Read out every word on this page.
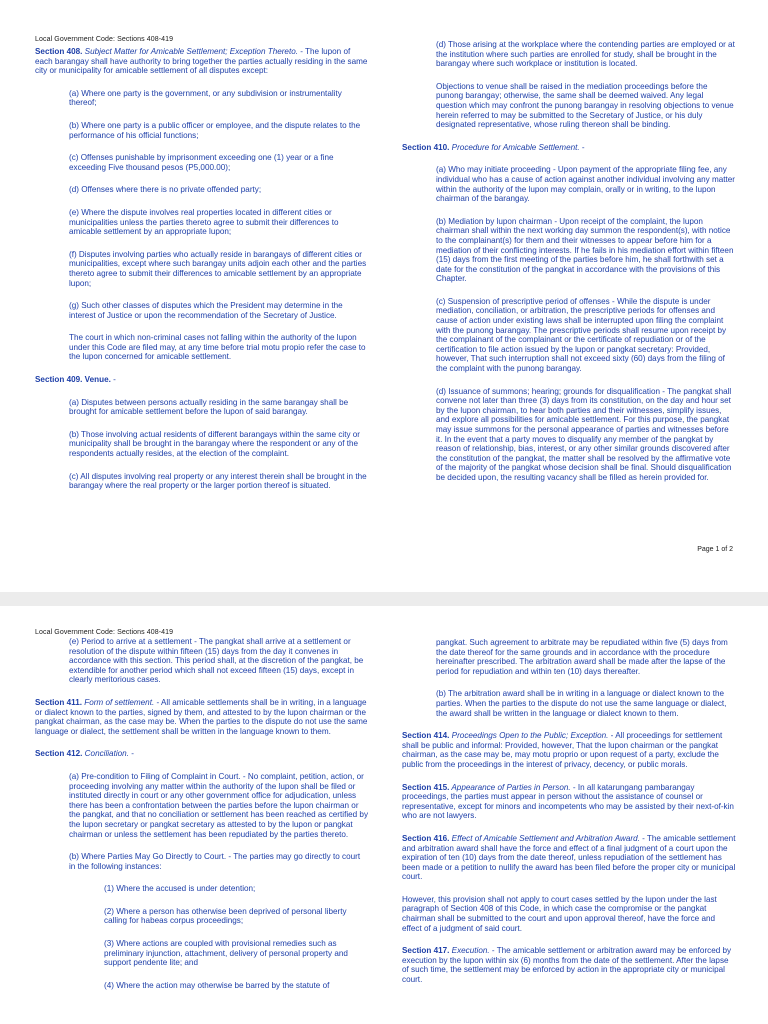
Local Government Code: Sections 408-419

Section 408. Subject Matter for Amicable Settlement; Exception Thereto. - The lupon of each barangay shall have authority to bring together the parties actually residing in the same city or municipality for amicable settlement of all disputes except:

(a) Where one party is the government, or any subdivision or instrumentality thereof;

(b) Where one party is a public officer or employee, and the dispute relates to the performance of his official functions;

(c) Offenses punishable by imprisonment exceeding one (1) year or a fine exceeding Five thousand pesos (P5,000.00);

(d) Offenses where there is no private offended party;

(e) Where the dispute involves real properties located in different cities or municipalities unless the parties thereto agree to submit their differences to amicable settlement by an appropriate lupon;

(f) Disputes involving parties who actually reside in barangays of different cities or municipalities, except where such barangay units adjoin each other and the parties thereto agree to submit their differences to amicable settlement by an appropriate lupon;

(g) Such other classes of disputes which the President may determine in the interest of Justice or upon the recommendation of the Secretary of Justice.

The court in which non-criminal cases not falling within the authority of the lupon under this Code are filed may, at any time before trial motu propio refer the case to the lupon concerned for amicable settlement.

Section 409. Venue. -

(a) Disputes between persons actually residing in the same barangay shall be brought for amicable settlement before the lupon of said barangay.

(b) Those involving actual residents of different barangays within the same city or municipality shall be brought in the barangay where the respondent or any of the respondents actually resides, at the election of the complaint.

(c) All disputes involving real property or any interest therein shall be brought in the barangay where the real property or the larger portion thereof is situated.

(d) Those arising at the workplace where the contending parties are employed or at the institution where such parties are enrolled for study, shall be brought in the barangay where such workplace or institution is located.

Objections to venue shall be raised in the mediation proceedings before the punong barangay; otherwise, the same shall be deemed waived. Any legal question which may confront the punong barangay in resolving objections to venue herein referred to may be submitted to the Secretary of Justice, or his duly designated representative, whose ruling thereon shall be binding.

Section 410. Procedure for Amicable Settlement. -

(a) Who may initiate proceeding - Upon payment of the appropriate filing fee, any individual who has a cause of action against another individual involving any matter within the authority of the lupon may complain, orally or in writing, to the lupon chairman of the barangay.

(b) Mediation by lupon chairman - Upon receipt of the complaint, the lupon chairman shall within the next working day summon the respondent(s), with notice to the complainant(s) for them and their witnesses to appear before him for a mediation of their conflicting interests. If he fails in his mediation effort within fifteen (15) days from the first meeting of the parties before him, he shall forthwith set a date for the constitution of the pangkat in accordance with the provisions of this Chapter.

(c) Suspension of prescriptive period of offenses - While the dispute is under mediation, conciliation, or arbitration, the prescriptive periods for offenses and cause of action under existing laws shall be interrupted upon filing the complaint with the punong barangay. The prescriptive periods shall resume upon receipt by the complainant of the complainant or the certificate of repudiation or of the certification to file action issued by the lupon or pangkat secretary: Provided, however, That such interruption shall not exceed sixty (60) days from the filing of the complaint with the punong barangay.

(d) Issuance of summons; hearing; grounds for disqualification - The pangkat shall convene not later than three (3) days from its constitution, on the day and hour set by the lupon chairman, to hear both parties and their witnesses, simplify issues, and explore all possibilities for amicable settlement. For this purpose, the pangkat may issue summons for the personal appearance of parties and witnesses before it. In the event that a party moves to disqualify any member of the pangkat by reason of relationship, bias, interest, or any other similar grounds discovered after the constitution of the pangkat, the matter shall be resolved by the affirmative vote of the majority of the pangkat whose decision shall be final. Should disqualification be decided upon, the resulting vacancy shall be filled as herein provided for.

Page 1 of 2
Local Government Code: Sections 408-419

(e) Period to arrive at a settlement - The pangkat shall arrive at a settlement or resolution of the dispute within fifteen (15) days from the day it convenes in accordance with this section. This period shall, at the discretion of the pangkat, be extendible for another period which shall not exceed fifteen (15) days, except in clearly meritorious cases.

Section 411. Form of settlement. - All amicable settlements shall be in writing, in a language or dialect known to the parties, signed by them, and attested to by the lupon chairman or the pangkat chairman, as the case may be. When the parties to the dispute do not use the same language or dialect, the settlement shall be written in the language known to them.

Section 412. Conciliation. -

(a) Pre-condition to Filing of Complaint in Court. - No complaint, petition, action, or proceeding involving any matter within the authority of the lupon shall be filed or instituted directly in court or any other government office for adjudication, unless there has been a confrontation between the parties before the lupon chairman or the pangkat, and that no conciliation or settlement has been reached as certified by the lupon secretary or pangkat secretary as attested to by the lupon or pangkat chairman or unless the settlement has been repudiated by the parties thereto.

(b) Where Parties May Go Directly to Court. - The parties may go directly to court in the following instances:

(1) Where the accused is under detention;

(2) Where a person has otherwise been deprived of personal liberty calling for habeas corpus proceedings;

(3) Where actions are coupled with provisional remedies such as preliminary injunction, attachment, delivery of personal property and support pendente lite; and

(4) Where the action may otherwise be barred by the statute of

pangkat. Such agreement to arbitrate may be repudiated within five (5) days from the date thereof for the same grounds and in accordance with the procedure hereinafter prescribed. The arbitration award shall be made after the lapse of the period for repudiation and within ten (10) days thereafter.

(b) The arbitration award shall be in writing in a language or dialect known to the parties. When the parties to the dispute do not use the same language or dialect, the award shall be written in the language or dialect known to them.

Section 414. Proceedings Open to the Public; Exception. - All proceedings for settlement shall be public and informal: Provided, however, That the lupon chairman or the pangkat chairman, as the case may be, may motu proprio or upon request of a party, exclude the public from the proceedings in the interest of privacy, decency, or public morals.

Section 415. Appearance of Parties in Person. - In all katarungang pambarangay proceedings, the parties must appear in person without the assistance of counsel or representative, except for minors and incompetents who may be assisted by their next-of-kin who are not lawyers.

Section 416. Effect of Amicable Settlement and Arbitration Award. - The amicable settlement and arbitration award shall have the force and effect of a final judgment of a court upon the expiration of ten (10) days from the date thereof, unless repudiation of the settlement has been made or a petition to nullify the award has been filed before the proper city or municipal court.

However, this provision shall not apply to court cases settled by the lupon under the last paragraph of Section 408 of this Code, in which case the compromise or the pangkat chairman shall be submitted to the court and upon approval thereof, have the force and effect of a judgment of said court.

Section 417. Execution. - The amicable settlement or arbitration award may be enforced by execution by the lupon within six (6) months from the date of the settlement. After the lapse of such time, the settlement may be enforced by action in the appropriate city or municipal court.
